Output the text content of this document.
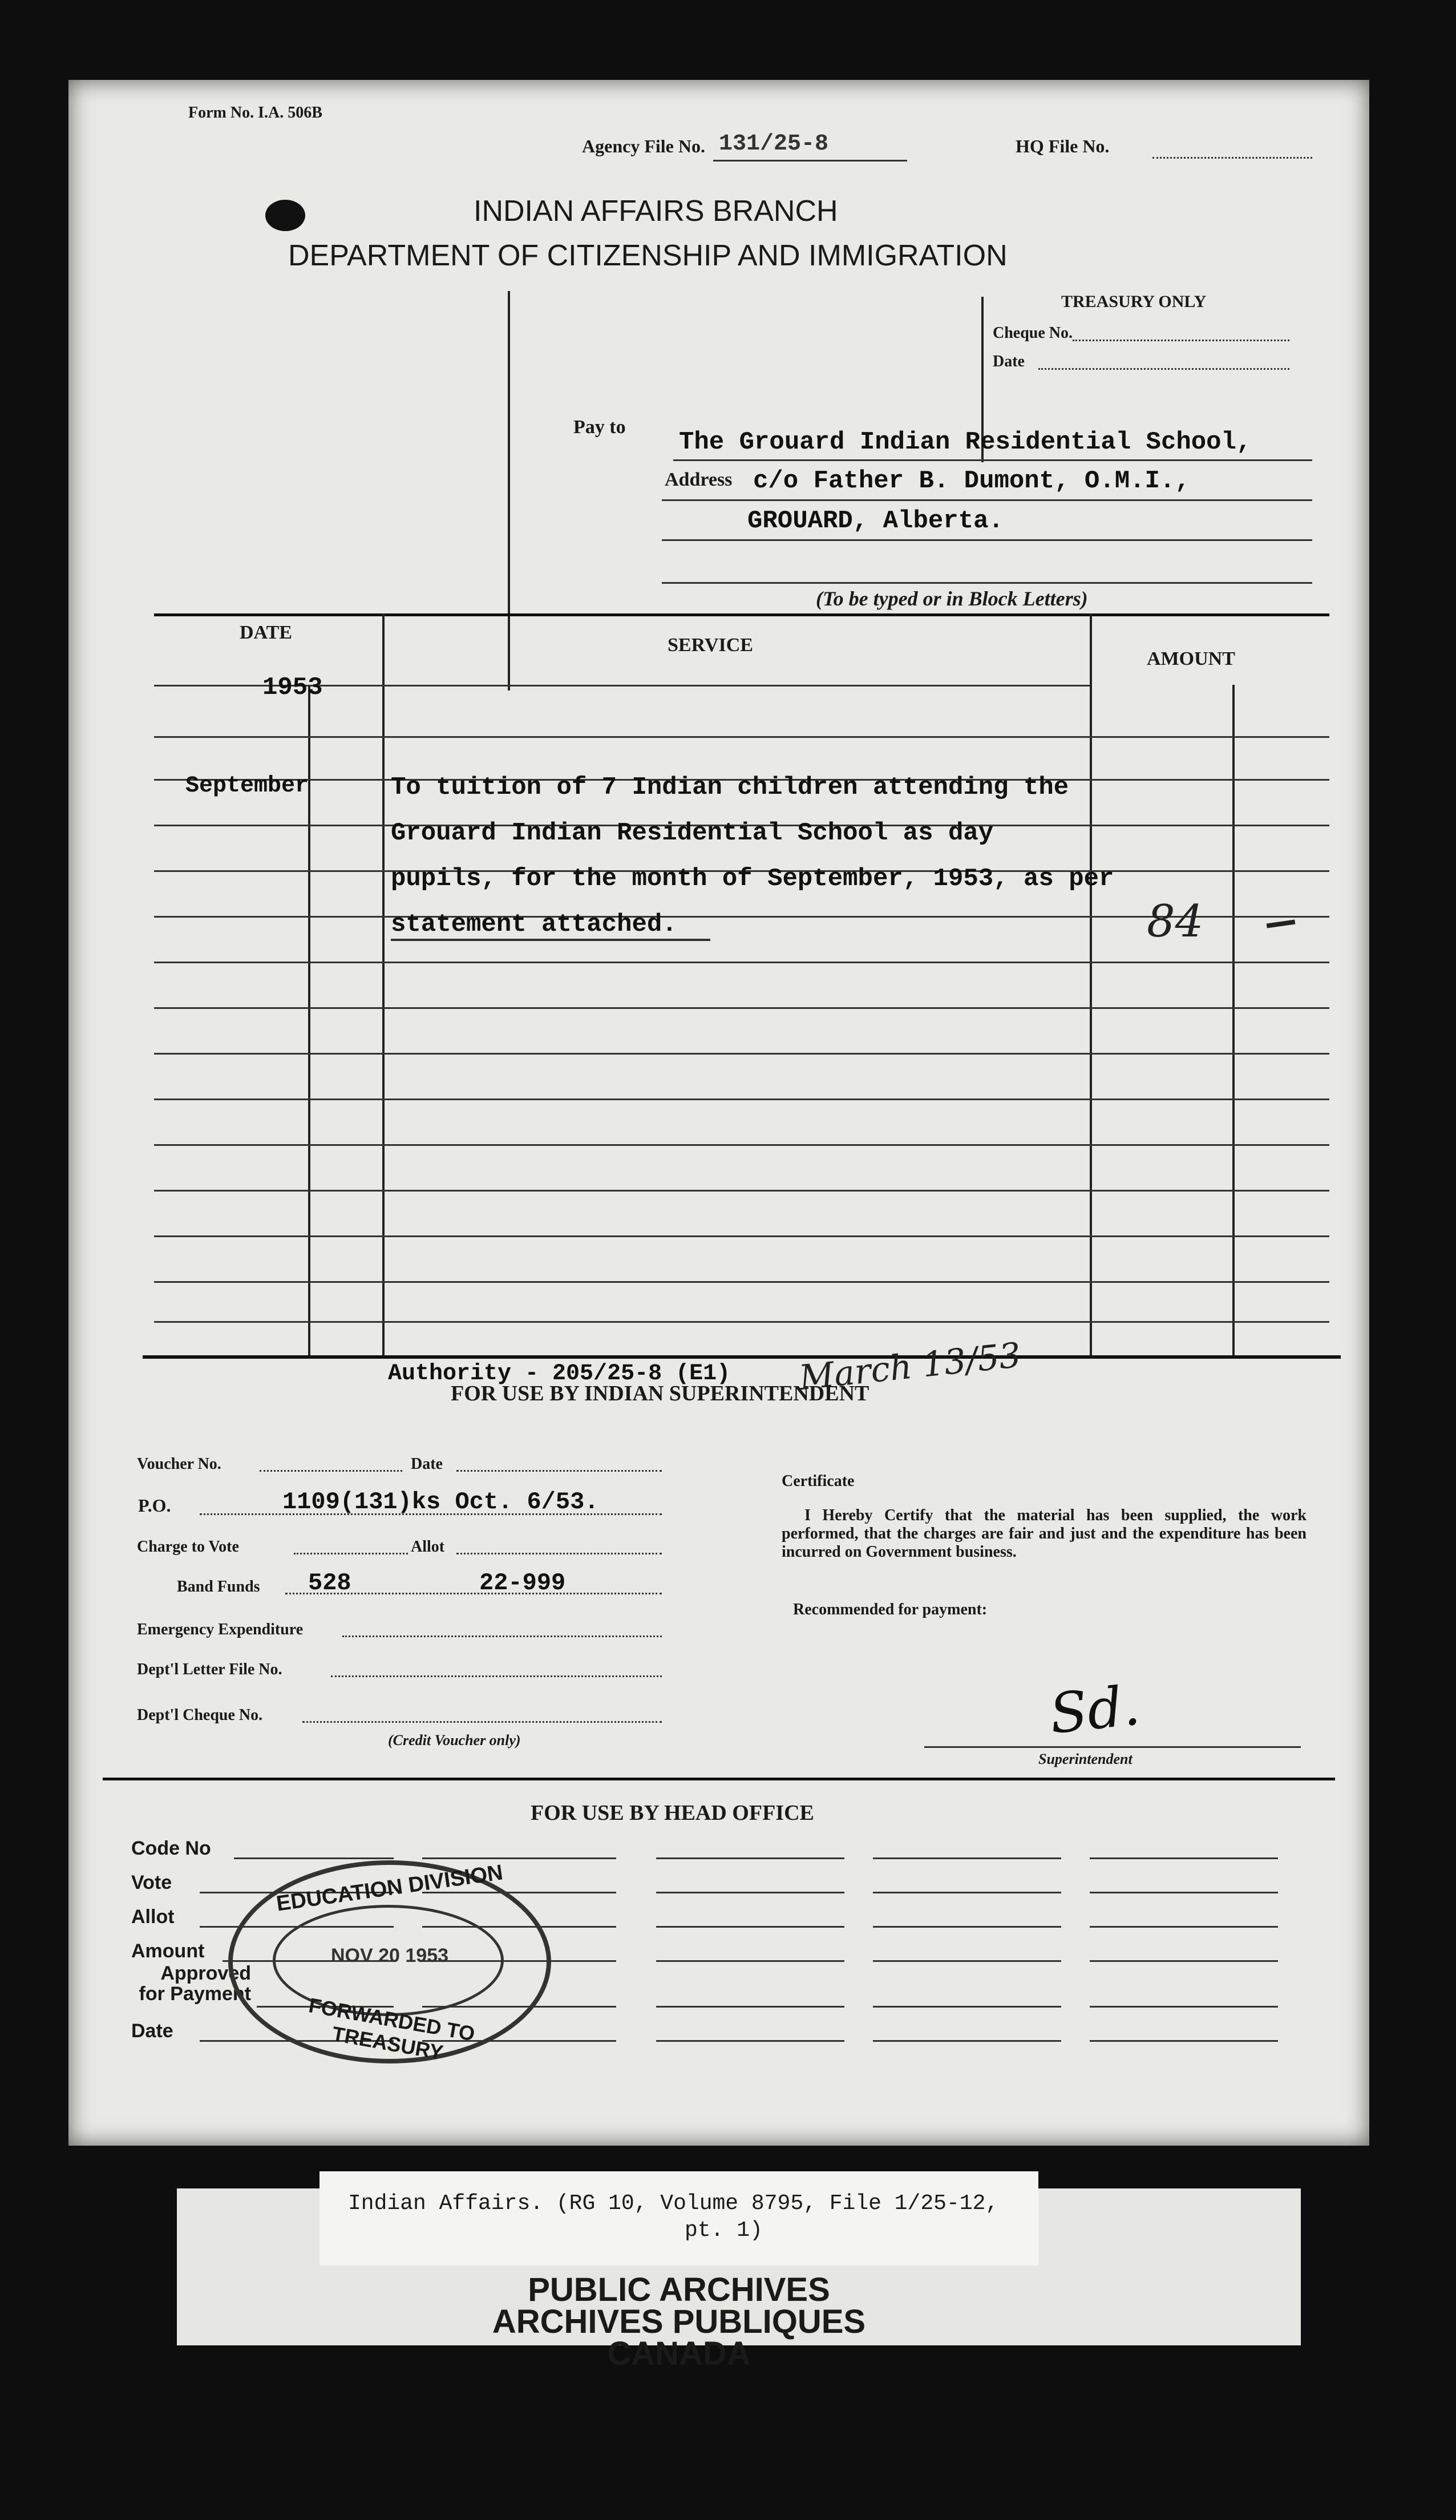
Form No. I.A. 506B
Agency File No. 131/25-8	HQ File No.
INDIAN AFFAIRS BRANCH
DEPARTMENT OF CITIZENSHIP AND IMMIGRATION
TREASURY ONLY
Cheque No.
Date
Pay to
The Grouard Indian Residential School,
Address c/o Father B. Dumont, O.M.I.,
GROUARD, Alberta.
(To be typed or in Block Letters)
DATE
SERVICE
AMOUNT
1953
September	To tuition of 7 Indian children attending the
Grouard Indian Residential School as day
pupils, for the month of September, 1953, as per
statement attached.	84
Authority - 205/25-8 (E1) March 13/53
FOR USE BY INDIAN SUPERINTENDENT
Voucher No.	Date
P.O.	1109(131)ks Oct. 6/53.
Charge to Vote	Allot
Band Funds 528	22-999
Emergency Expenditure
Dept'l Letter File No.
Dept'l Cheque No.
(Credit Voucher only)
Certificate
I Hereby Certify that the material has been supplied, the work performed, that the charges are fair and just and the expenditure has been incurred on Government business.
Recommended for payment:
Sd.
Superintendent
FOR USE BY HEAD OFFICE
Code No
Vote
Allot
Amount
Approved for Payment
Date
EDUCATION DIVISION
NOV 20 1953
FORWARDED TO TREASURY
Indian Affairs. (RG 10, Volume 8795, File 1/25-12,
pt. 1)
PUBLIC ARCHIVES
ARCHIVES PUBLIQUES
CANADA
